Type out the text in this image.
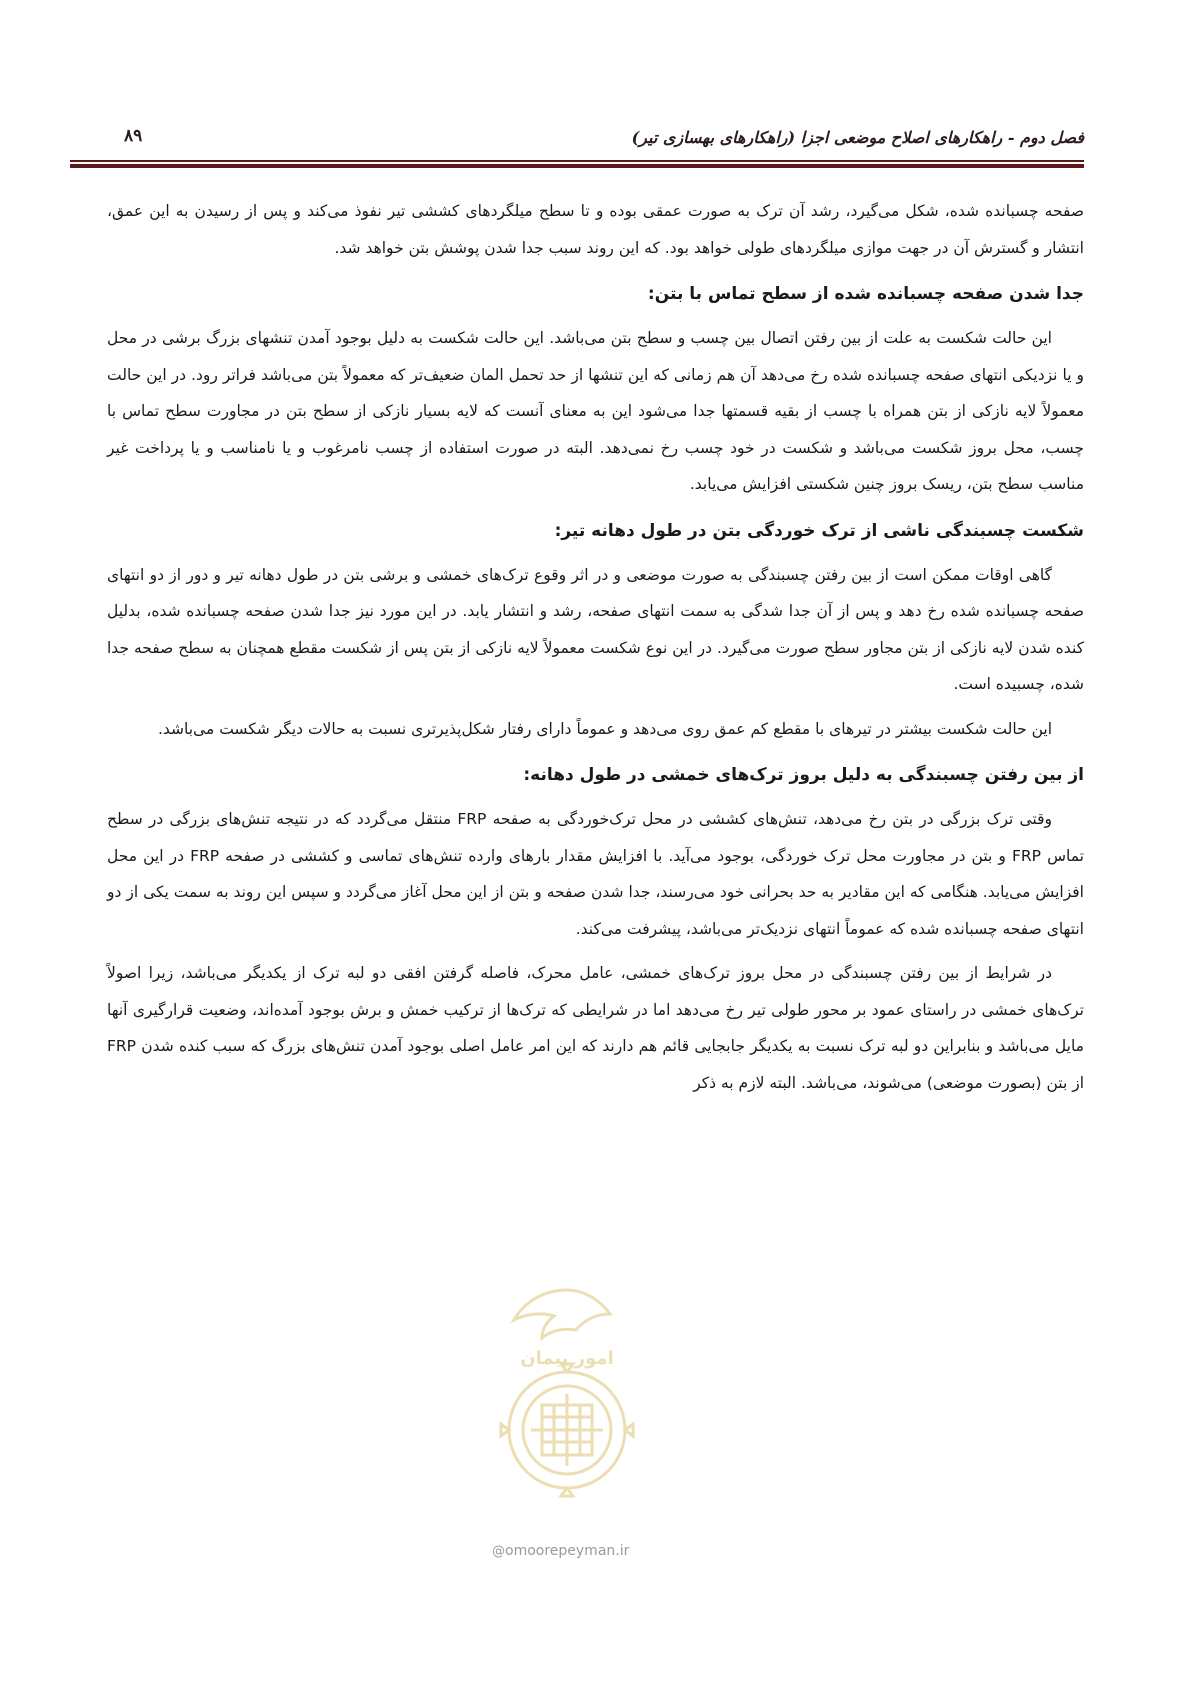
فصل دوم - راهکارهای اصلاح موضعی اجزا (راهکارهای بهسازی تیر)
۸۹

صفحه چسبانده شده، شکل می‌گیرد، رشد آن ترک به صورت عمقی بوده و تا سطح میلگردهای کششی تیر نفوذ می‌کند و پس از رسیدن به این عمق، انتشار و گسترش آن در جهت موازی میلگردهای طولی خواهد بود. که این روند سبب جدا شدن پوشش بتن خواهد شد.

جدا شدن صفحه چسبانده شده از سطح تماس با بتن:

این حالت شکست به علت از بین رفتن اتصال بین چسب و سطح بتن می‌باشد. این حالت شکست به دلیل بوجود آمدن تنشهای بزرگ برشی در محل و یا نزدیکی انتهای صفحه چسبانده شده رخ می‌دهد آن هم زمانی که این تنشها از حد تحمل المان ضعیف‌تر که معمولاً بتن می‌باشد فراتر رود. در این حالت معمولاً لایه نازکی از بتن همراه با چسب از بقیه قسمتها جدا می‌شود این به معنای آنست که لایه بسیار نازکی از سطح بتن در مجاورت سطح تماس با چسب، محل بروز شکست می‌باشد و شکست در خود چسب رخ نمی‌دهد. البته در صورت استفاده از چسب نامرغوب و یا نامناسب و یا پرداخت غیر مناسب سطح بتن، ریسک بروز چنین شکستی افزایش می‌یابد.

شکست چسبندگی ناشی از ترک خوردگی بتن در طول دهانه تیر:

گاهی اوقات ممکن است از بین رفتن چسبندگی به صورت موضعی و در اثر وقوع ترک‌های خمشی و برشی بتن در طول دهانه تیر و دور از دو انتهای صفحه چسبانده شده رخ دهد و پس از آن جدا شدگی به سمت انتهای صفحه، رشد و انتشار یابد. در این مورد نیز جدا شدن صفحه چسبانده شده، بدلیل کنده شدن لایه نازکی از بتن مجاور سطح صورت می‌گیرد. در این نوع شکست معمولاً لایه نازکی از بتن پس از شکست مقطع همچنان به سطح صفحه جدا شده، چسبیده است.

این حالت شکست بیشتر در تیرهای با مقطع کم عمق روی می‌دهد و عموماً دارای رفتار شکل‌پذیرتری نسبت به حالات دیگر شکست می‌باشد.

از بین رفتن چسبندگی به دلیل بروز ترک‌های خمشی در طول دهانه:

وقتی ترک بزرگی در بتن رخ می‌دهد، تنش‌های کششی در محل ترک‌خوردگی به صفحه FRP منتقل می‌گردد که در نتیجه تنش‌های بزرگی در سطح تماس FRP و بتن در مجاورت محل ترک خوردگی، بوجود می‌آید. با افزایش مقدار بارهای وارده تنش‌های تماسی و کششی در صفحه FRP در این محل افزایش می‌یابد. هنگامی که این مقادیر به حد بحرانی خود می‌رسند، جدا شدن صفحه و بتن از این محل آغاز می‌گردد و سپس این روند به سمت یکی از دو انتهای صفحه چسبانده شده که عموماً انتهای نزدیک‌تر می‌باشد، پیشرفت می‌کند.

در شرایط از بین رفتن چسبندگی در محل بروز ترک‌های خمشی، عامل محرک، فاصله گرفتن افقی دو لبه ترک از یکدیگر می‌باشد، زیرا اصولاً ترک‌های خمشی در راستای عمود بر محور طولی تیر رخ می‌دهد اما در شرایطی که ترک‌ها از ترکیب خمش و برش بوجود آمده‌اند، وضعیت قرارگیری آنها مایل می‌باشد و بنابراین دو لبه ترک نسبت به یکدیگر جابجایی قائم هم دارند که این امر عامل اصلی بوجود آمدن تنش‌های بزرگ که سبب کنده شدن FRP از بتن (بصورت موضعی) می‌شوند، می‌باشد. البته لازم به ذکر

امور پیمان
@omoorepeyman.ir
